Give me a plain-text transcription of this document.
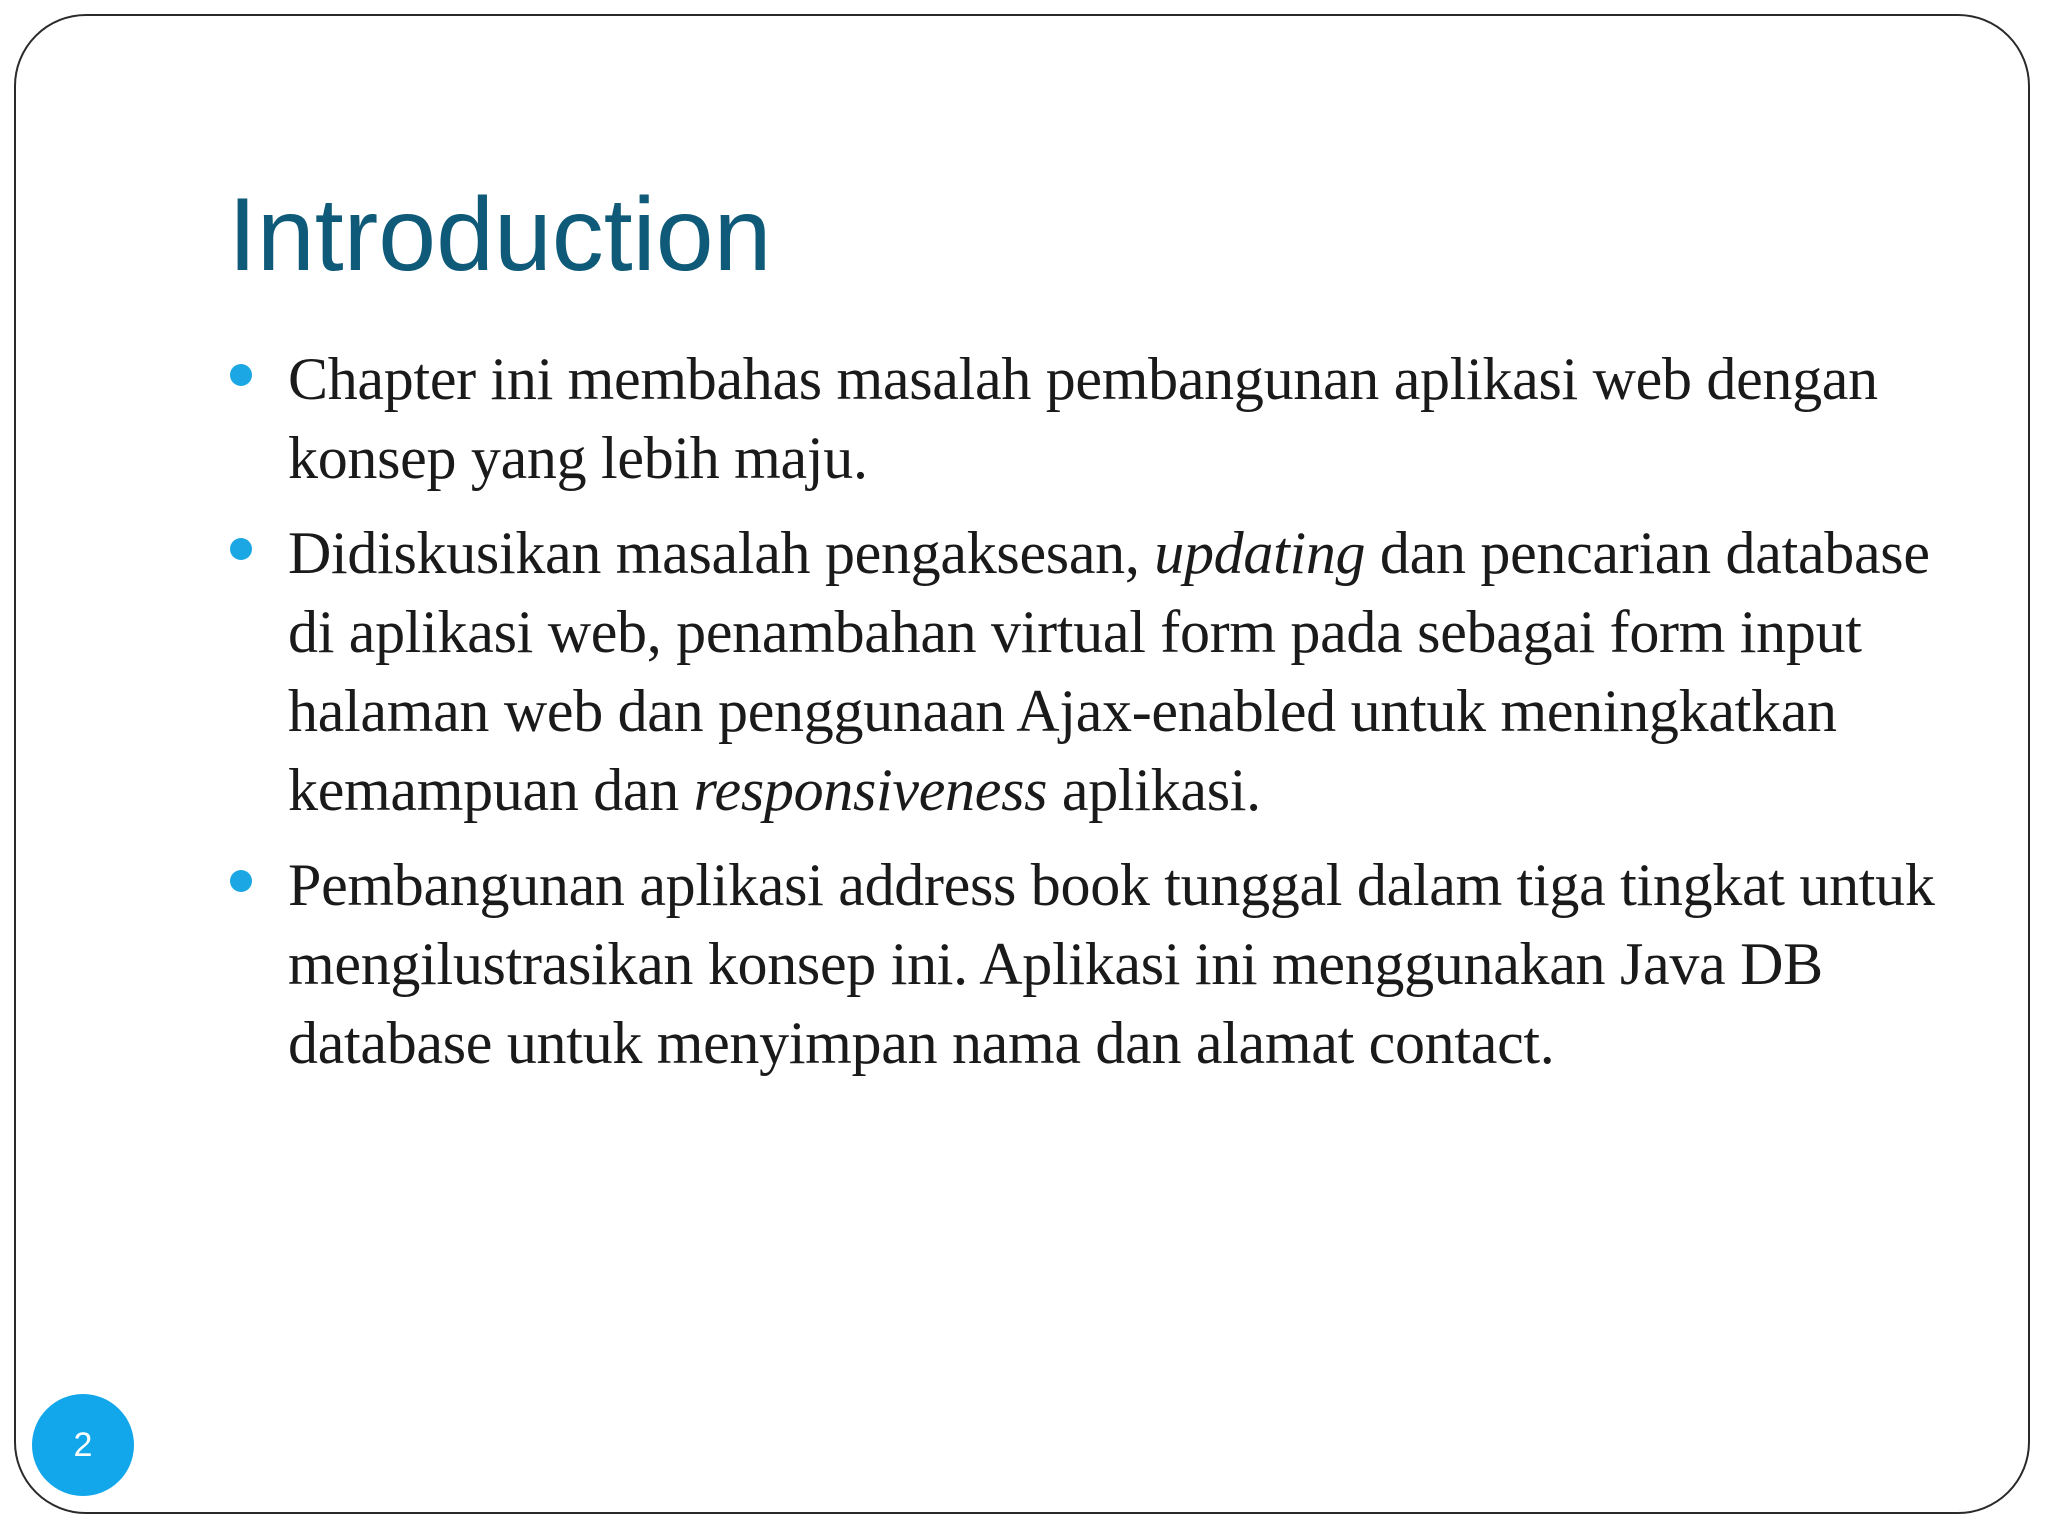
Introduction
Chapter ini membahas masalah pembangunan aplikasi web dengan konsep yang lebih maju.
Didiskusikan masalah pengaksesan, updating dan pencarian database di aplikasi web, penambahan virtual form pada sebagai form input halaman web dan penggunaan Ajax-enabled untuk meningkatkan kemampuan dan responsiveness aplikasi.
Pembangunan aplikasi address book tunggal dalam tiga tingkat untuk mengilustrasikan konsep ini. Aplikasi ini menggunakan Java DB database untuk menyimpan nama dan alamat contact.
2
